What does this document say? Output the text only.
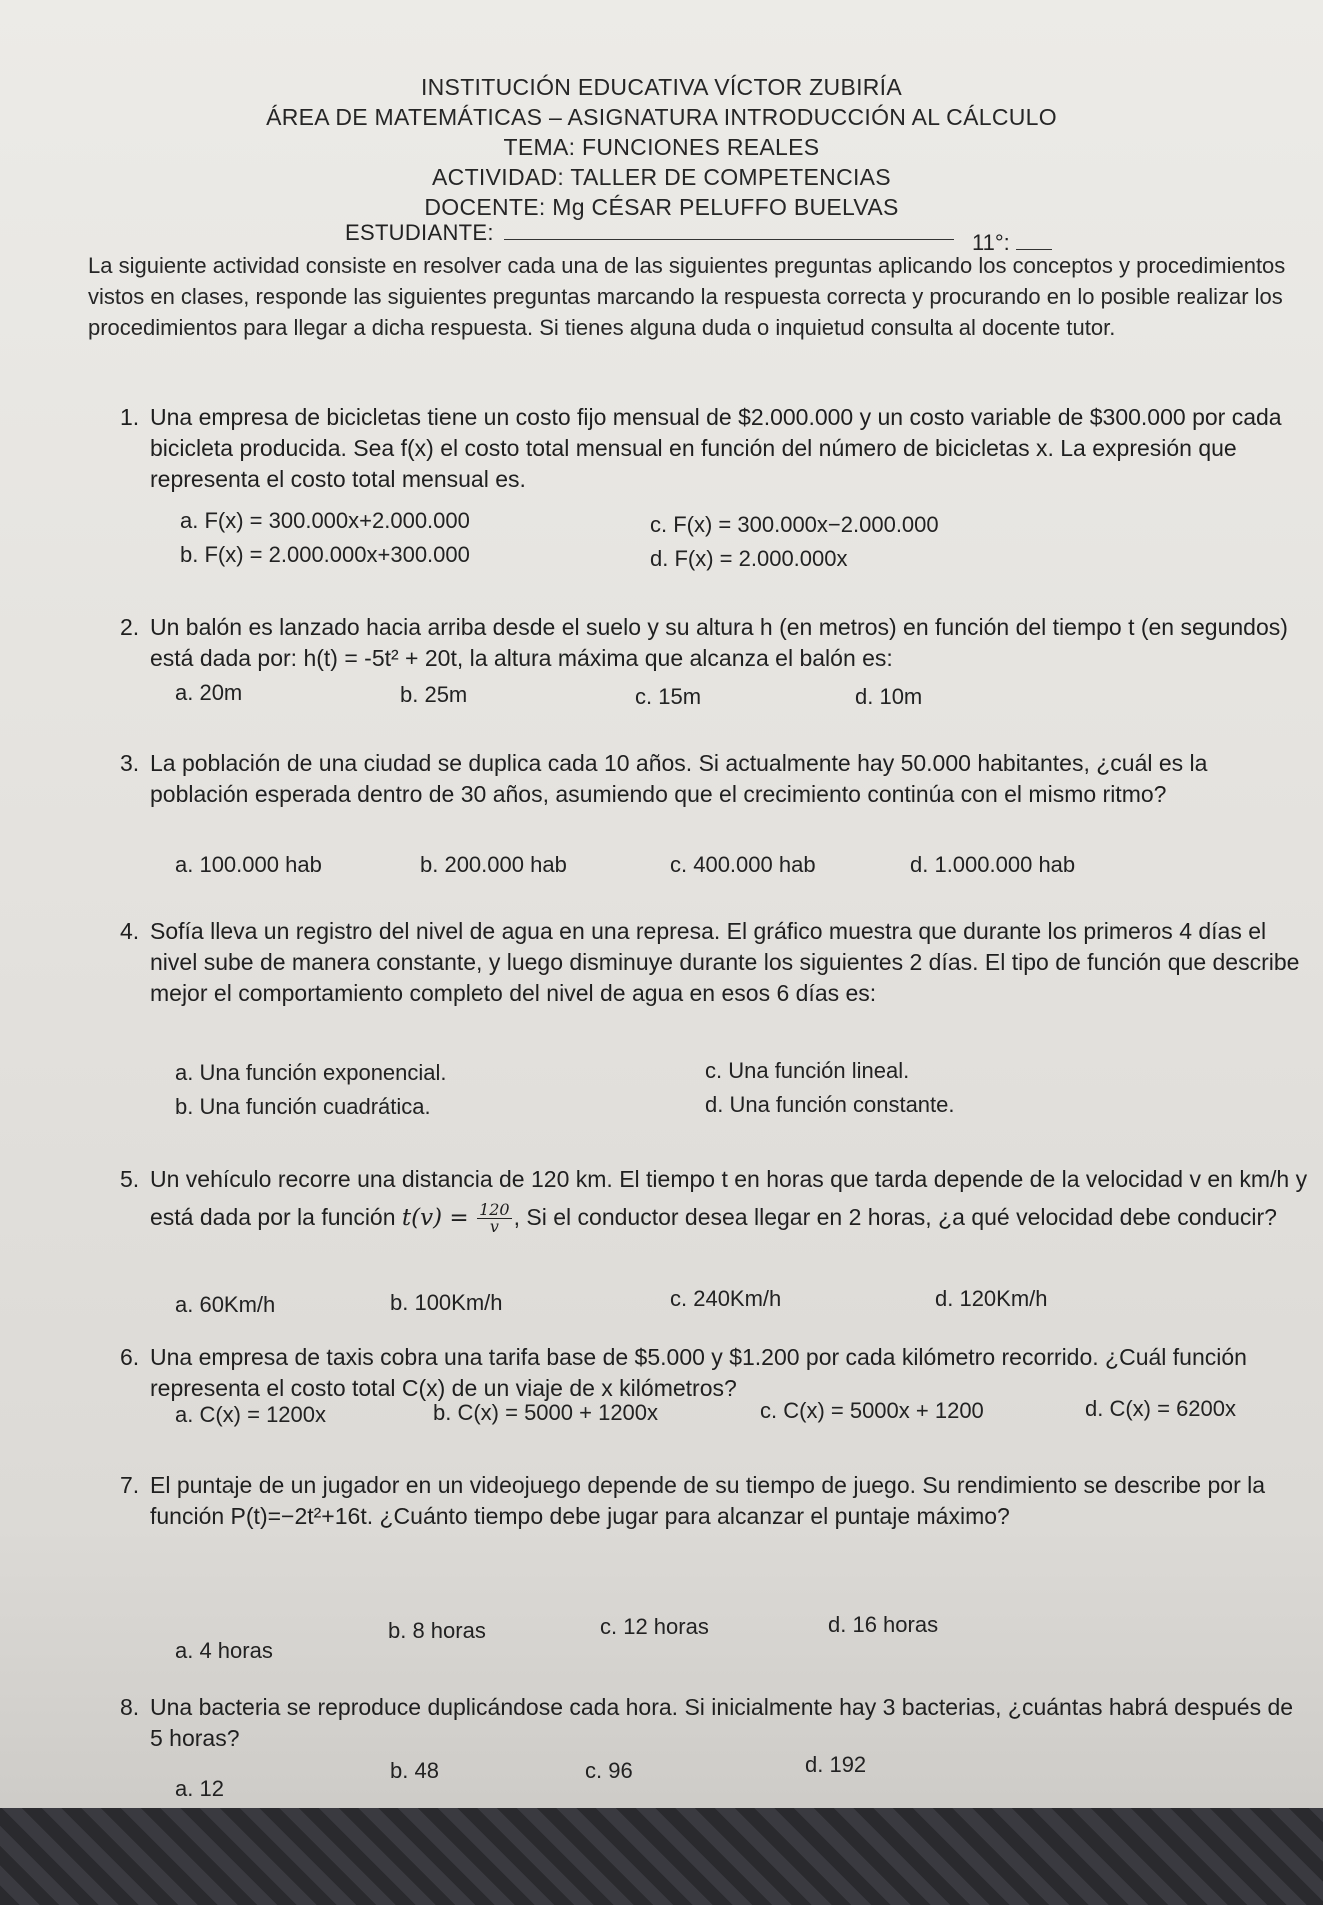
INSTITUCIÓN EDUCATIVA VÍCTOR ZUBIRÍA
ÁREA DE MATEMÁTICAS – ASIGNATURA INTRODUCCIÓN AL CÁLCULO
TEMA: FUNCIONES REALES
ACTIVIDAD: TALLER DE COMPETENCIAS
DOCENTE: Mg CÉSAR PELUFFO BUELVAS
ESTUDIANTE:	11°:
La siguiente actividad consiste en resolver cada una de las siguientes preguntas aplicando los conceptos y procedimientos vistos en clases, responde las siguientes preguntas marcando la respuesta correcta y procurando en lo posible realizar los procedimientos para llegar a dicha respuesta. Si tienes alguna duda o inquietud consulta al docente tutor.
1. Una empresa de bicicletas tiene un costo fijo mensual de $2.000.000 y un costo variable de $300.000 por cada bicicleta producida. Sea f(x) el costo total mensual en función del número de bicicletas x. La expresión que representa el costo total mensual es.
a. F(x) = 300.000x+2.000.000	c. F(x) = 300.000x−2.000.000
b. F(x) = 2.000.000x+300.000	d. F(x) = 2.000.000x
2. Un balón es lanzado hacia arriba desde el suelo y su altura h (en metros) en función del tiempo t (en segundos) está dada por: h(t) = -5t² + 20t, la altura máxima que alcanza el balón es:
a. 20m	b. 25m	c. 15m	d. 10m
3. La población de una ciudad se duplica cada 10 años. Si actualmente hay 50.000 habitantes, ¿cuál es la población esperada dentro de 30 años, asumiendo que el crecimiento continúa con el mismo ritmo?
a. 100.000 hab	b. 200.000 hab	c. 400.000 hab	d. 1.000.000 hab
4. Sofía lleva un registro del nivel de agua en una represa. El gráfico muestra que durante los primeros 4 días el nivel sube de manera constante, y luego disminuye durante los siguientes 2 días. El tipo de función que describe mejor el comportamiento completo del nivel de agua en esos 6 días es:
a. Una función exponencial.	c. Una función lineal.
b. Una función cuadrática.	d. Una función constante.
5. Un vehículo recorre una distancia de 120 km. El tiempo t en horas que tarda depende de la velocidad v en km/h y está dada por la función $t(v) = \frac{120}{v}$ , Si el conductor desea llegar en 2 horas, ¿a qué velocidad debe conducir?
a. 60Km/h	b. 100Km/h	c. 240Km/h	d. 120Km/h
6. Una empresa de taxis cobra una tarifa base de $5.000 y $1.200 por cada kilómetro recorrido. ¿Cuál función representa el costo total C(x) de un viaje de x kilómetros?
a. C(x) = 1200x	b. C(x) = 5000 + 1200x	c. C(x) = 5000x + 1200	d. C(x) = 6200x
7. El puntaje de un jugador en un videojuego depende de su tiempo de juego. Su rendimiento se describe por la función P(t)=−2t²+16t. ¿Cuánto tiempo debe jugar para alcanzar el puntaje máximo?
a. 4 horas
b. 8 horas	c. 12 horas	d. 16 horas
8. Una bacteria se reproduce duplicándose cada hora. Si inicialmente hay 3 bacterias, ¿cuántas habrá después de 5 horas?
a. 12
b. 48	c. 96	d. 192
